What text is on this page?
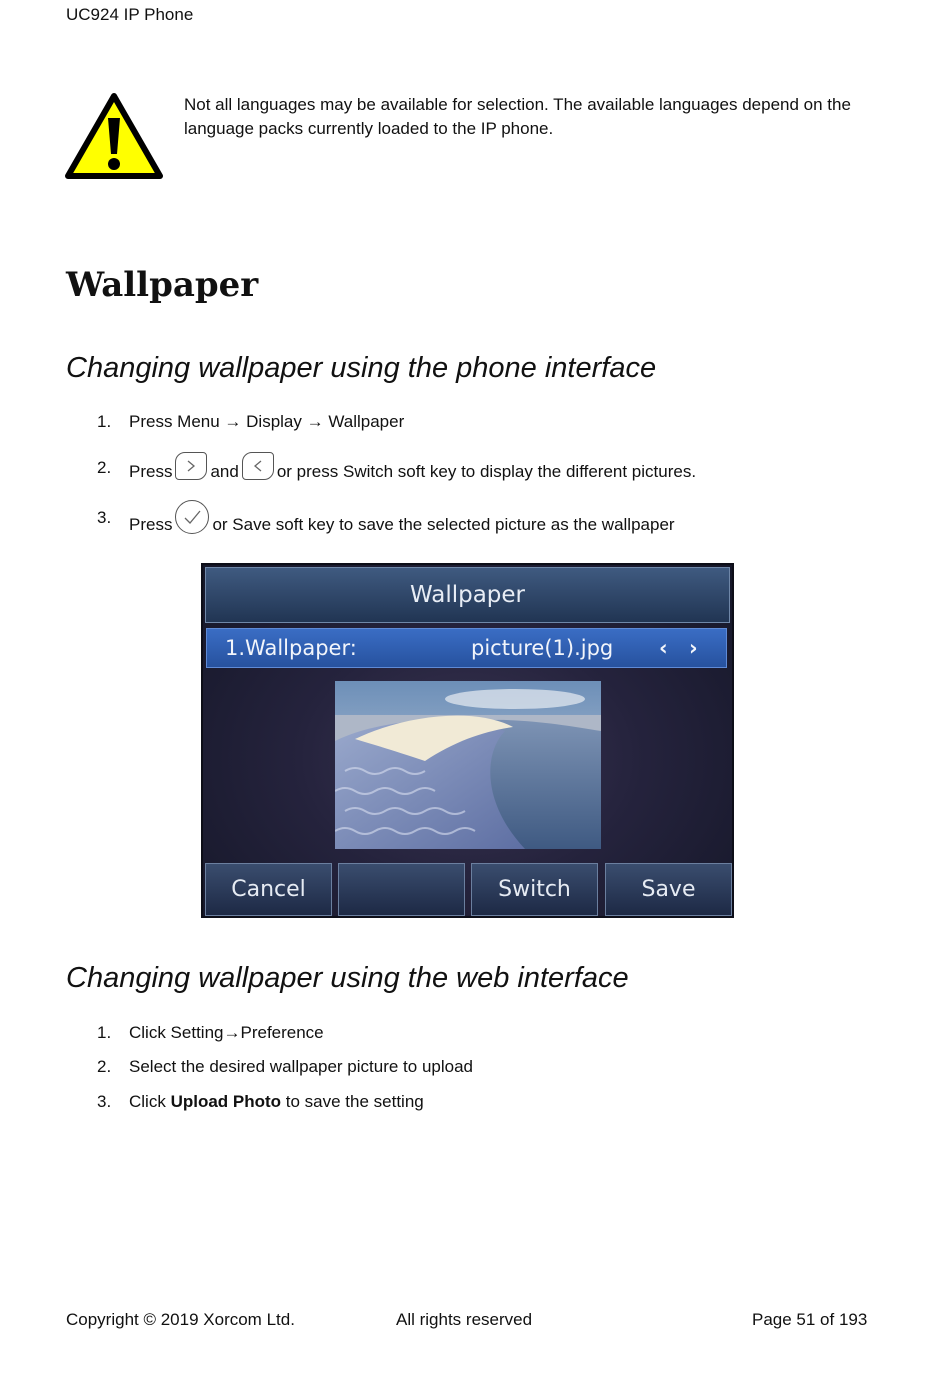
UC924 IP Phone
Not all languages may be available for selection. The available languages depend on the language packs currently loaded to the IP phone.
Wallpaper
Changing wallpaper using the phone interface
1.	Press Menu → Display → Wallpaper
2.	Press and or press Switch soft key to display the different pictures.
3.	Press or Save soft key to save the selected picture as the wallpaper
Wallpaper
1.Wallpaper:	picture(1).jpg ‹ ›
Cancel	Switch	Save
Changing wallpaper using the web interface
1.	Click Setting → Preference
2.	Select the desired wallpaper picture to upload
3.	Click Upload Photo to save the setting
Copyright © 2019 Xorcom Ltd.	All rights reserved	Page 51 of 193
